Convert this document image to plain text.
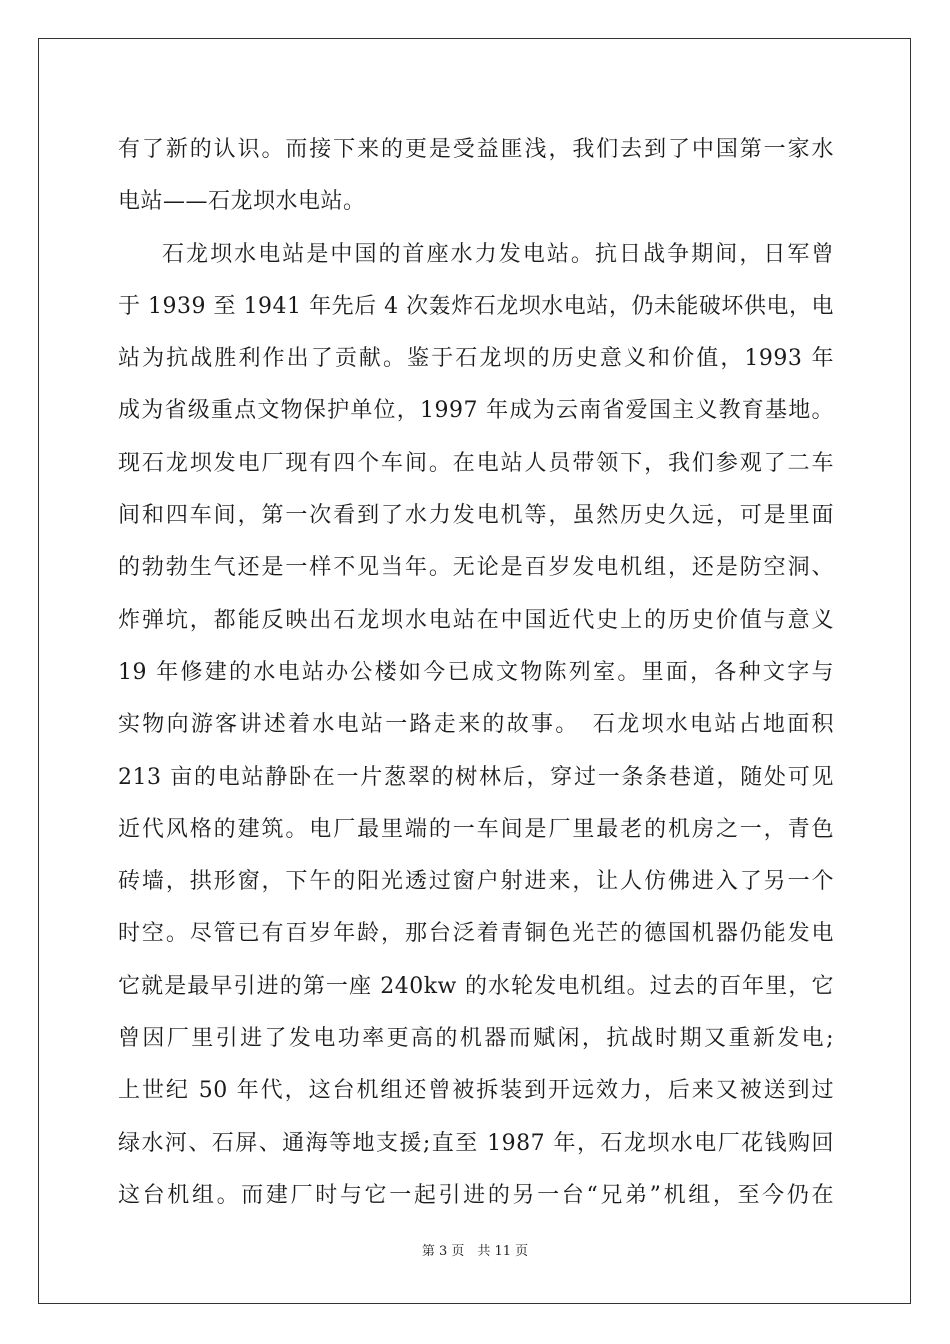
有了新的认识。而接下来的更是受益匪浅，我们去到了中国第一家水
电站——石龙坝水电站。
石龙坝水电站是中国的首座水力发电站。抗日战争期间，日军曾
于 1939 至 1941 年先后 4 次轰炸石龙坝水电站，仍未能破坏供电，电
站为抗战胜利作出了贡献。鉴于石龙坝的历史意义和价值，1993 年
成为省级重点文物保护单位，1997 年成为云南省爱国主义教育基地。
现石龙坝发电厂现有四个车间。在电站人员带领下，我们参观了二车
间和四车间，第一次看到了水力发电机等，虽然历史久远，可是里面
的勃勃生气还是一样不见当年。无论是百岁发电机组，还是防空洞、
炸弹坑，都能反映出石龙坝水电站在中国近代史上的历史价值与意义
19 年修建的水电站办公楼如今已成文物陈列室。里面，各种文字与
实物向游客讲述着水电站一路走来的故事。　石龙坝水电站占地面积
213 亩的电站静卧在一片葱翠的树林后，穿过一条条巷道，随处可见
近代风格的建筑。电厂最里端的一车间是厂里最老的机房之一，青色
砖墙，拱形窗，下午的阳光透过窗户射进来，让人仿佛进入了另一个
时空。尽管已有百岁年龄，那台泛着青铜色光芒的德国机器仍能发电
它就是最早引进的第一座 240kw 的水轮发电机组。过去的百年里，它
曾因厂里引进了发电功率更高的机器而赋闲，抗战时期又重新发电;
上世纪 50 年代，这台机组还曾被拆装到开远效力，后来又被送到过
绿水河、石屏、通海等地支援;直至 1987 年，石龙坝水电厂花钱购回
这台机组。而建厂时与它一起引进的另一台“兄弟”机组，至今仍在
第 3 页　共 11 页
